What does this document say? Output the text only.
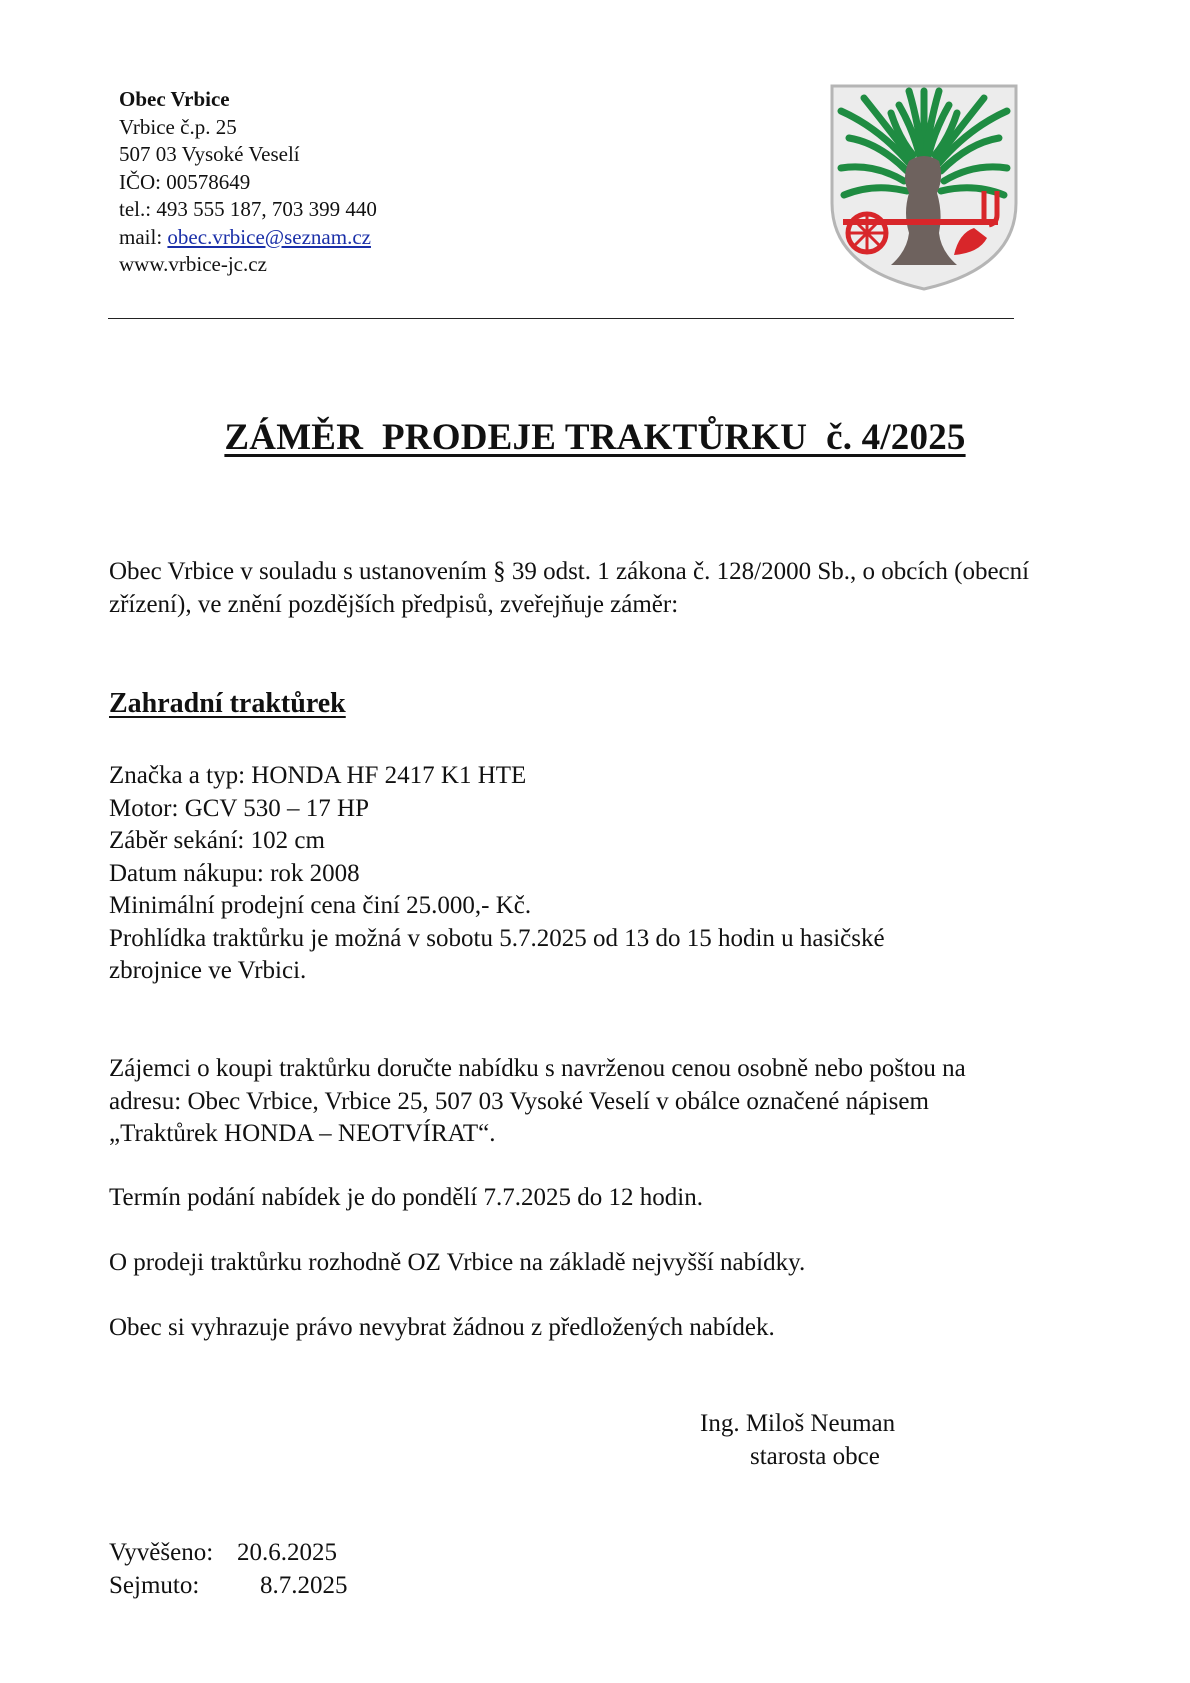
Obec Vrbice
Vrbice č.p. 25
507 03 Vysoké Veselí
IČO: 00578649
tel.: 493 555 187, 703 399 440
mail: obec.vrbice@seznam.cz
www.vrbice-jc.cz
ZÁMĚR  PRODEJE TRAKTŮRKU  č. 4/2025
Obec Vrbice v souladu s ustanovením § 39 odst. 1 zákona č. 128/2000 Sb., o obcích (obecní zřízení), ve znění pozdějších předpisů, zveřejňuje záměr:
Zahradní traktůrek
Značka a typ: HONDA HF 2417 K1 HTE
Motor: GCV 530 – 17 HP
Záběr sekání: 102 cm
Datum nákupu: rok 2008
Minimální prodejní cena činí 25.000,- Kč.
Prohlídka traktůrku je možná v sobotu 5.7.2025 od 13 do 15 hodin u hasičské
zbrojnice ve Vrbici.
Zájemci o koupi traktůrku doručte nabídku s navrženou cenou osobně nebo poštou na
adresu: Obec Vrbice, Vrbice 25, 507 03 Vysoké Veselí v obálce označené nápisem
„Traktůrek HONDA – NEOTVÍRAT“.
Termín podání nabídek je do pondělí 7.7.2025 do 12 hodin.
O prodeji traktůrku rozhodně OZ Vrbice na základě nejvyšší nabídky.
Obec si vyhrazuje právo nevybrat žádnou z předložených nabídek.
Ing. Miloš Neuman
starosta obce
Vyvěšeno: 20.6.2025
Sejmuto: 8.7.2025
